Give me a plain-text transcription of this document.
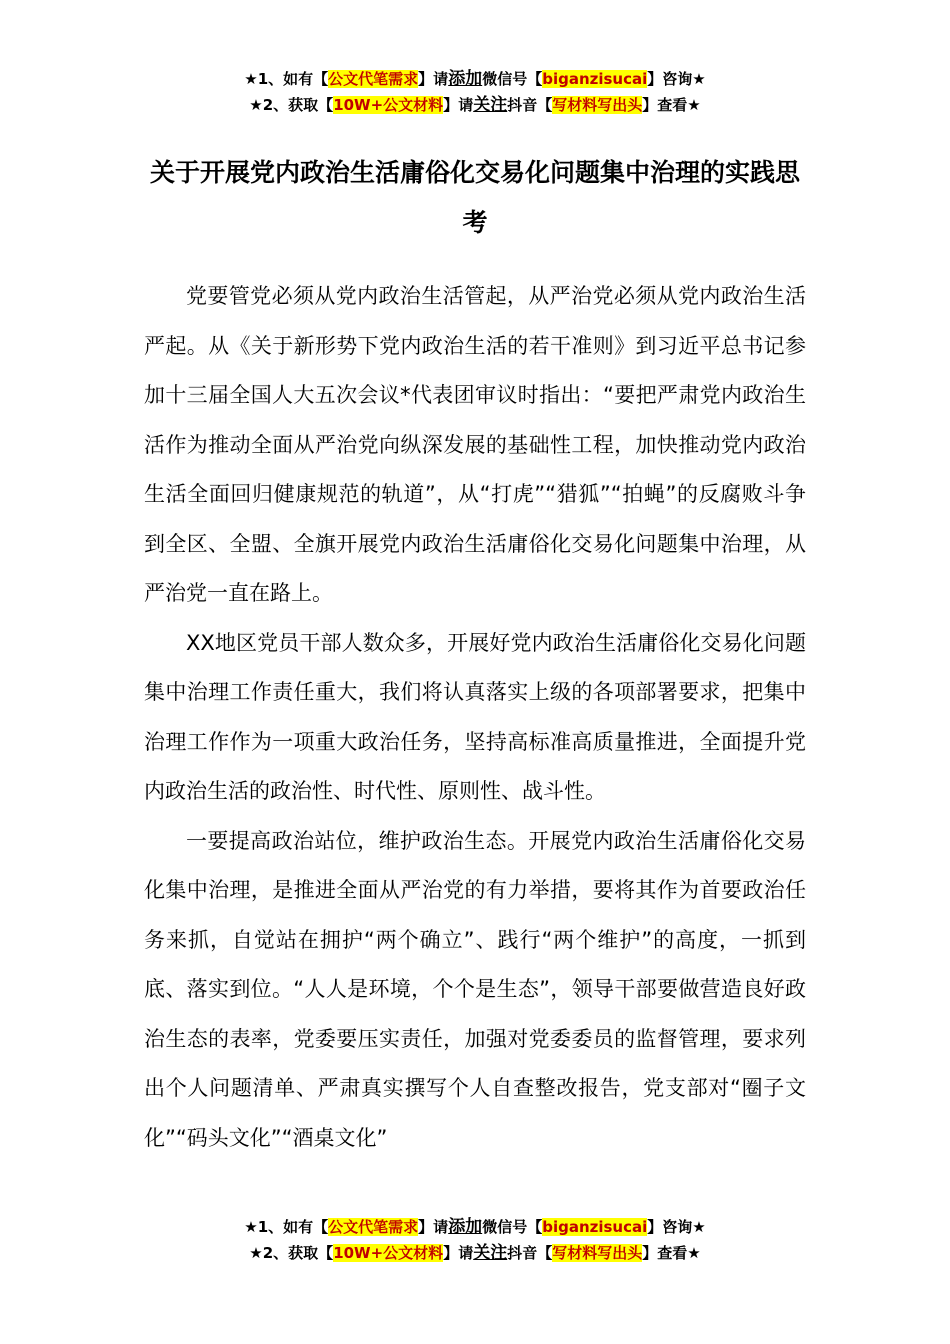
★1、如有【公文代笔需求】请添加微信号【biganzisucai】咨询★
★2、获取【10W+公文材料】请关注抖音【写材料写出头】查看★
关于开展党内政治生活庸俗化交易化问题集中治理的实践思考

党要管党必须从党内政治生活管起，从严治党必须从党内政治生活严起。从《关于新形势下党内政治生活的若干准则》到习近平总书记参加十三届全国人大五次会议*代表团审议时指出：“要把严肃党内政治生活作为推动全面从严治党向纵深发展的基础性工程，加快推动党内政治生活全面回归健康规范的轨道”，从“打虎”“猎狐”“拍蝇”的反腐败斗争到全区、全盟、全旗开展党内政治生活庸俗化交易化问题集中治理，从严治党一直在路上。

XX地区党员干部人数众多，开展好党内政治生活庸俗化交易化问题集中治理工作责任重大，我们将认真落实上级的各项部署要求，把集中治理工作作为一项重大政治任务，坚持高标准高质量推进，全面提升党内政治生活的政治性、时代性、原则性、战斗性。

一要提高政治站位，维护政治生态。开展党内政治生活庸俗化交易化集中治理，是推进全面从严治党的有力举措，要将其作为首要政治任务来抓，自觉站在拥护“两个确立”、践行“两个维护”的高度，一抓到底、落实到位。“人人是环境，个个是生态”，领导干部要做营造良好政治生态的表率，党委要压实责任，加强对党委委员的监督管理，要求列出个人问题清单、严肃真实撰写个人自查整改报告，党支部对“圈子文化”“码头文化”“酒桌文化”

★1、如有【公文代笔需求】请添加微信号【biganzisucai】咨询★
★2、获取【10W+公文材料】请关注抖音【写材料写出头】查看★
